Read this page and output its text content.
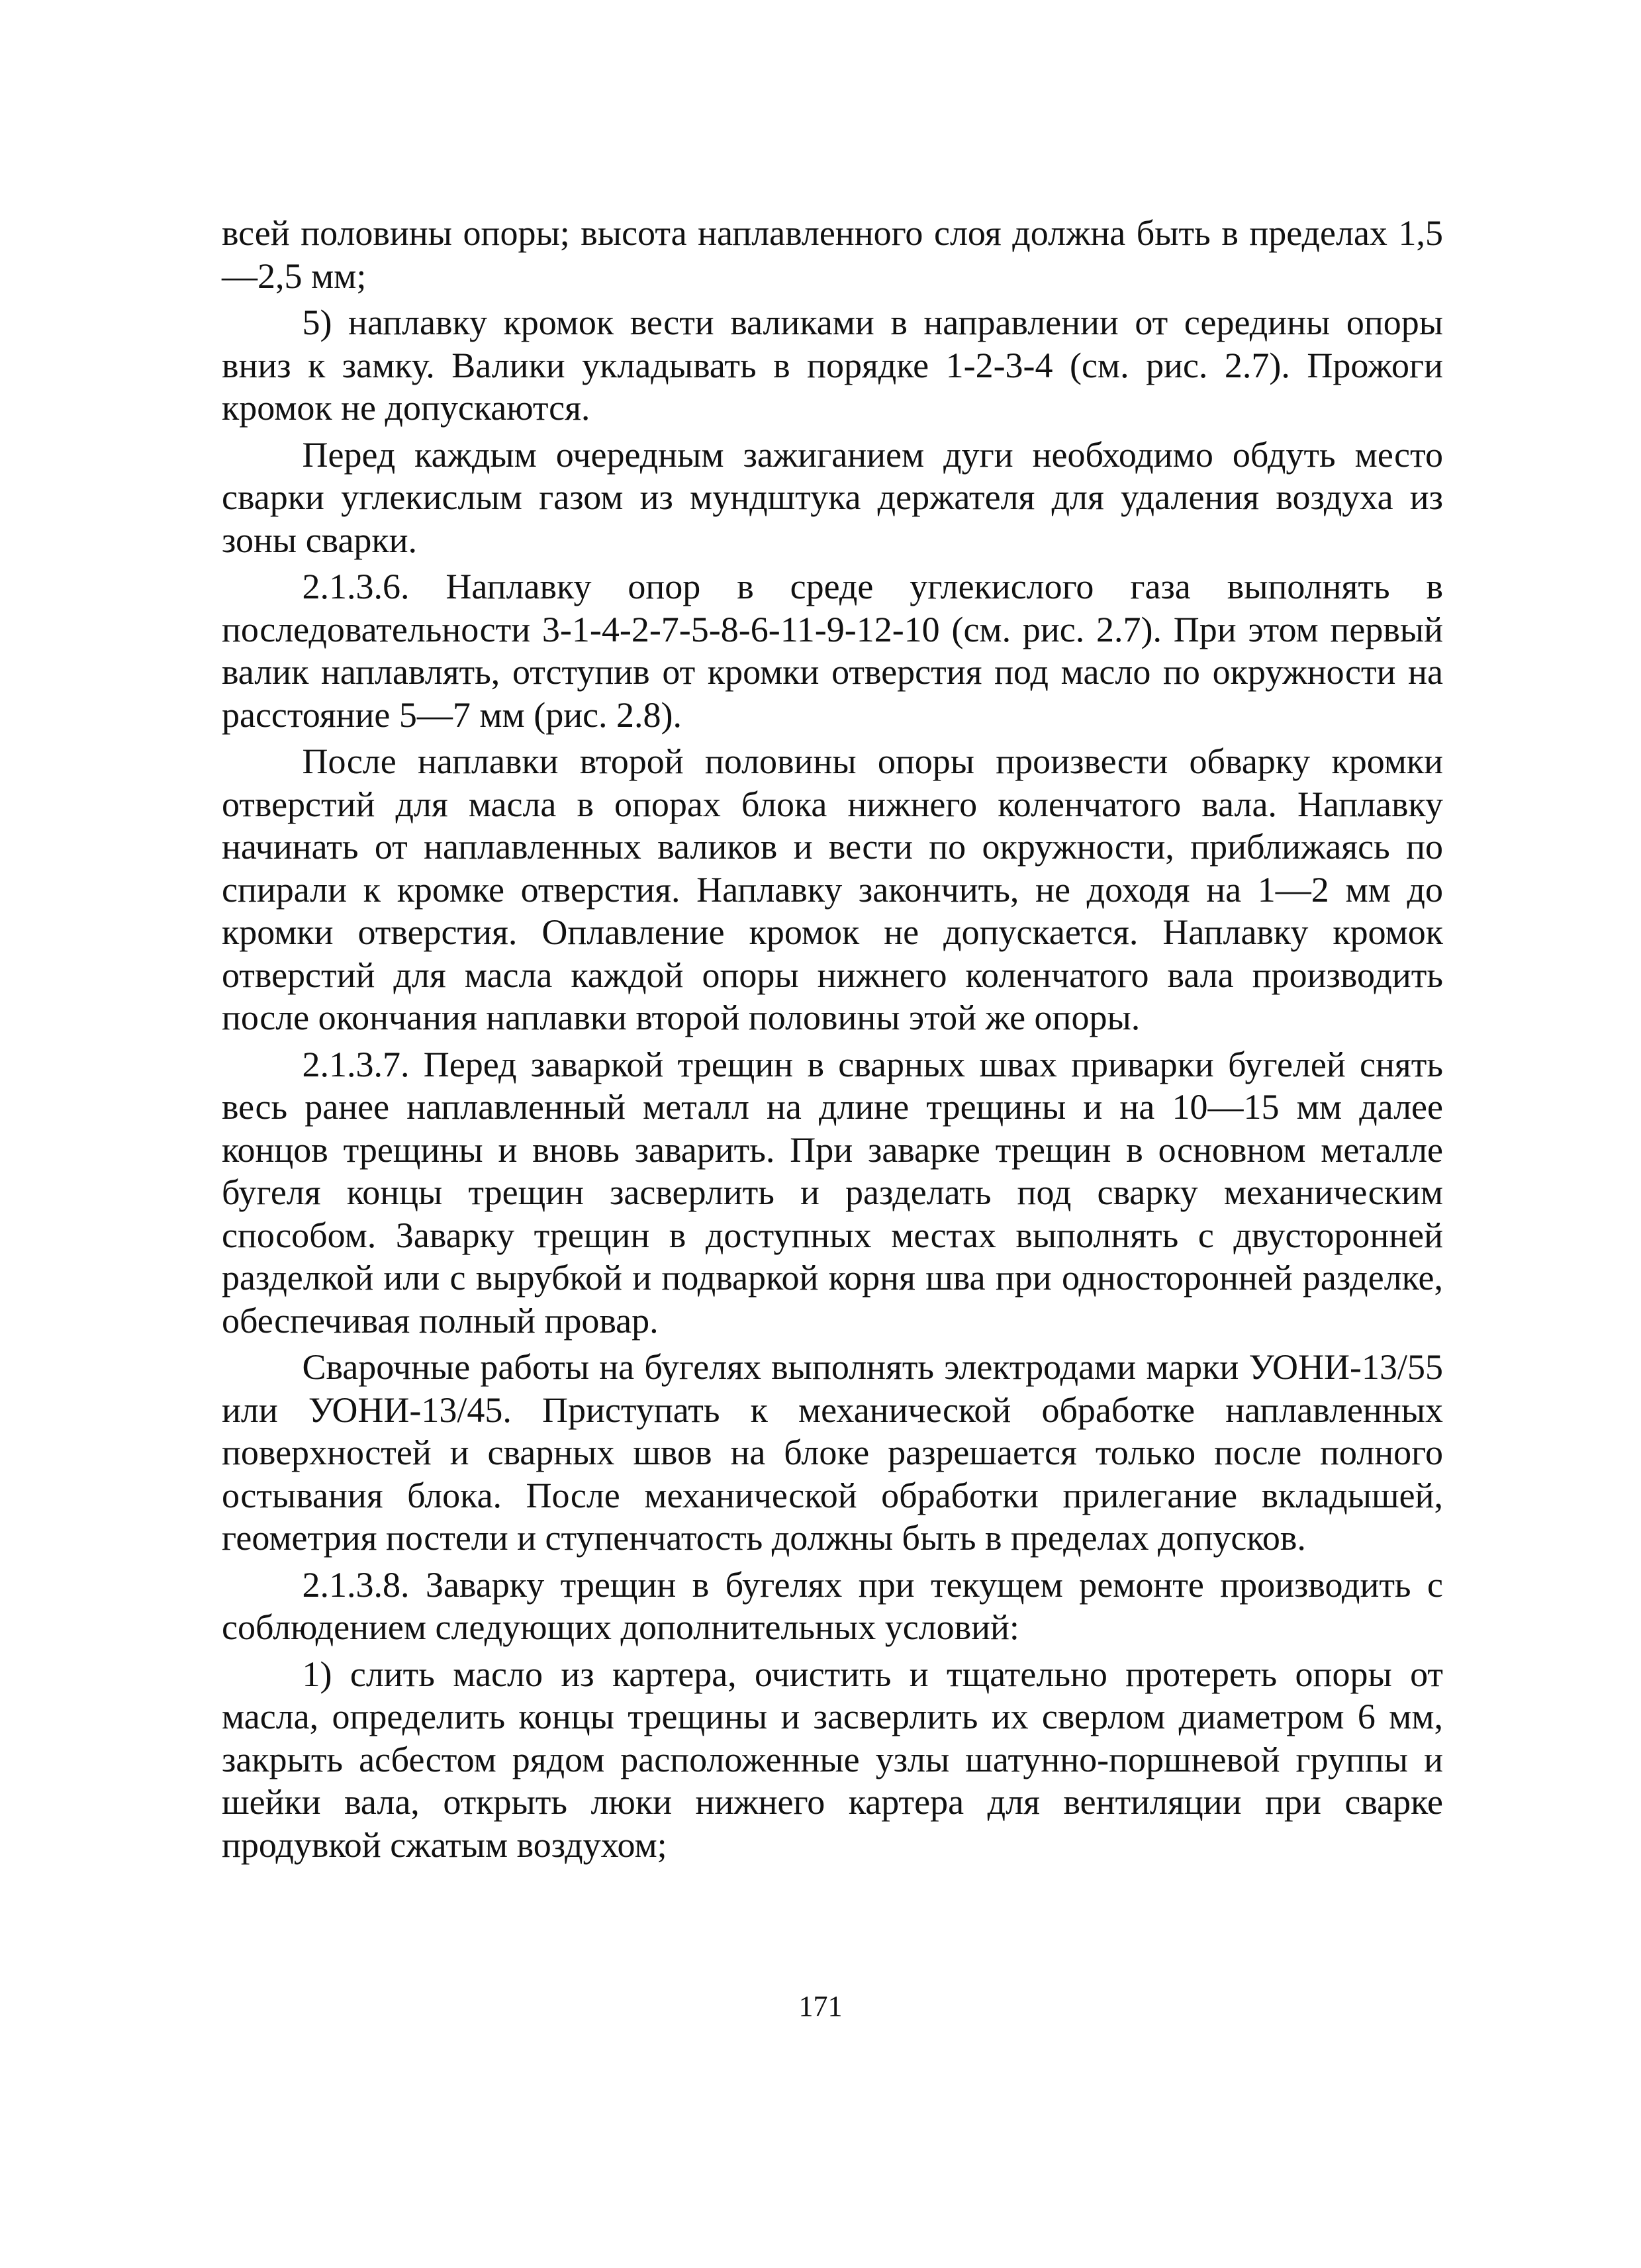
всей половины опоры; высота наплавленного слоя должна быть в пределах 1,5—2,5 мм;

5) наплавку кромок вести валиками в направлении от середины опоры вниз к замку. Валики укладывать в порядке 1-2-3-4 (см. рис. 2.7). Прожоги кромок не допускаются.

Перед каждым очередным зажиганием дуги необходимо обдуть место сварки углекислым газом из мундштука держателя для удаления воздуха из зоны сварки.

2.1.3.6. Наплавку опор в среде углекислого газа выполнять в последовательности 3-1-4-2-7-5-8-6-11-9-12-10 (см. рис. 2.7). При этом первый валик наплавлять, отступив от кромки отверстия под масло по окружности на расстояние 5—7 мм (рис. 2.8).

После наплавки второй половины опоры произвести обварку кромки отверстий для масла в опорах блока нижнего коленчатого вала. Наплавку начинать от наплавленных валиков и вести по окружности, приближаясь по спирали к кромке отверстия. Наплавку закончить, не доходя на 1—2 мм до кромки отверстия. Оплавление кромок не допускается. Наплавку кромок отверстий для масла каждой опоры нижнего коленчатого вала производить после окончания наплавки второй половины этой же опоры.

2.1.3.7. Перед заваркой трещин в сварных швах приварки бугелей снять весь ранее наплавленный металл на длине трещины и на 10—15 мм далее концов трещины и вновь заварить. При заварке трещин в основном металле бугеля концы трещин засверлить и разделать под сварку механическим способом. Заварку трещин в доступных местах выполнять с двусторонней разделкой или с вырубкой и подваркой корня шва при односторонней разделке, обеспечивая полный провар.

Сварочные работы на бугелях выполнять электродами марки УОНИ-13/55 или УОНИ-13/45. Приступать к механической обработке наплавленных поверхностей и сварных швов на блоке разрешается только после полного остывания блока. После механической обработки прилегание вкладышей, геометрия постели и ступенчатость должны быть в пределах допусков.

2.1.3.8. Заварку трещин в бугелях при текущем ремонте производить с соблюдением следующих дополнительных условий:

1) слить масло из картера, очистить и тщательно протереть опоры от масла, определить концы трещины и засверлить их сверлом диаметром 6 мм, закрыть асбестом рядом расположенные узлы шатунно-поршневой группы и шейки вала, открыть люки нижнего картера для вентиляции при сварке продувкой сжатым воздухом;

171
